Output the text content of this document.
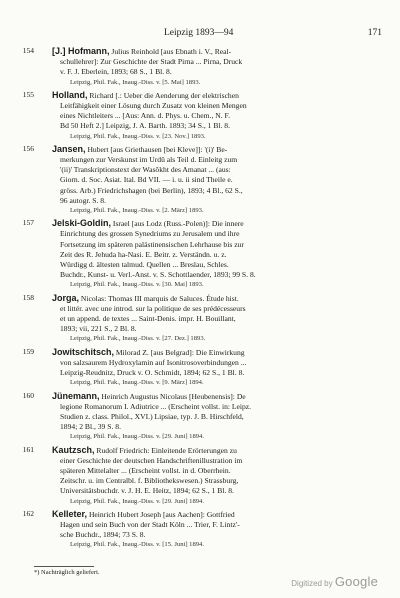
Leipzig 1893—94	171
154 [J.] Hofmann, Julius Reinhold [aus Ebnath i. V., Real-
schullehrer]: Zur Geschichte der Stadt Pirna ... Pirna, Druck
v. F. J. Eberlein, 1893; 68 S., 1 Bl. 8.
Leipzig, Phil. Fak., Inaug.-Diss. v. [5. Mai] 1893.
155 Holland, Richard [.: Ueber die Aenderung der elektrischen
Leitfähigkeit einer Lösung durch Zusatz von kleinen Mengen
eines Nichtleiters ... [Aus: Ann. d. Phys. u. Chem., N. F.
Bd 50 Heft 2.] Leipzig, J. A. Barth. 1893; 34 S., 1 Bl. 8.
Leipzig, Phil. Fak., Inaug.-Diss. v. [23. Nov.] 1893.
156 Jansen, Hubert [aus Griethausen [bei Kleve]]: '(i)' Be-
merkungen zur Verskunst im Urdû als Teil d. Einleitg zum
'(ii)' Transkriptionstext der Wasôkht des Amanat ... (aus:
Giorn. d. Soc. Asiat. Ital. Bd VII. — i. u. ii sind Theile e.
gröss. Arb.) Friedrichshagen (bei Berlin), 1893; 4 Bl., 62 S.,
96 autogr. S. 8.
Leipzig, Phil. Fak., Inaug.-Diss. v. [2. März] 1893.
157 Jelski-Goldin, Israel [aus Lodz (Russ.-Polen)]: Die innere
Einrichtung des grossen Synedriums zu Jerusalem und ihre
Fortsetzung im späteren palästinensischen Lehrhause bis zur
Zeit des R. Jehuda ha-Nasi. E. Beitr. z. Verständn. u. z.
Würdigg d. ältesten talmud. Quellen ... Breslau, Schles.
Buchdr., Kunst- u. Verl.-Anst. v. S. Schottlaender, 1893; 99 S. 8.
Leipzig, Phil. Fak., Inaug.-Diss. v. [30. Mai] 1893.
158 Jorga, Nicolas: Thomas III marquis de Saluces. Étude hist.
et littér. avec une introd. sur la politique de ses prédécesseurs
et un append. de textes ... Saint-Denis. impr. H. Bouillant,
1893; vii, 221 S., 2 Bl. 8.
Leipzig, Phil. Fak., Inaug.-Diss. v. [27. Dez.] 1893.
159 Jowitschitsch, Milorad Z. [aus Belgrad]: Die Einwirkung
von salzsaurem Hydroxylamin auf Isonitrosoverbindungen ...
Leipzig-Reudnitz, Druck v. O. Schmidt, 1894; 62 S., 1 Bl. 8.
Leipzig, Phil. Fak., Inaug.-Diss. v. [9. März] 1894.
160 Jünemann, Heinrich Augustus Nicolaus [Heubenensis]: De
legione Romanorum I. Adiutrice ... (Erscheint vollst. in: Leipz.
Studien z. class. Philol., XVI.) Lipsiae, typ. J. B. Hirschfeld,
1894; 2 Bl., 39 S. 8.
Leipzig, Phil. Fak., Inaug.-Diss. v. [29. Juni] 1894.
161 Kautzsch, Rudolf Friedrich: Einleitende Erörterungen zu
einer Geschichte der deutschen Handschriftenillustration im
späteren Mittelalter ... (Erscheint vollst. in d. Oberrhein.
Zeitschr. u. im Centralbl. f. Bibliothekswesen.) Strassburg,
Universitätsbuchdr. v. J. H. E. Heitz, 1894; 62 S., 1 Bl. 8.
Leipzig, Phil. Fak., Inaug.-Diss. v. [29. Juni] 1894.
162 Kelleter, Heinrich Hubert Joseph [aus Aachen]: Gottfried
Hagen und sein Buch von der Stadt Köln ... Trier, F. Lintz'-
sche Buchdr., 1894; 73 S. 8.
Leipzig, Phil. Fak., Inaug.-Diss. v. [15. Juni] 1894.
*) Nachträglich geliefert.
Digitized by Google
